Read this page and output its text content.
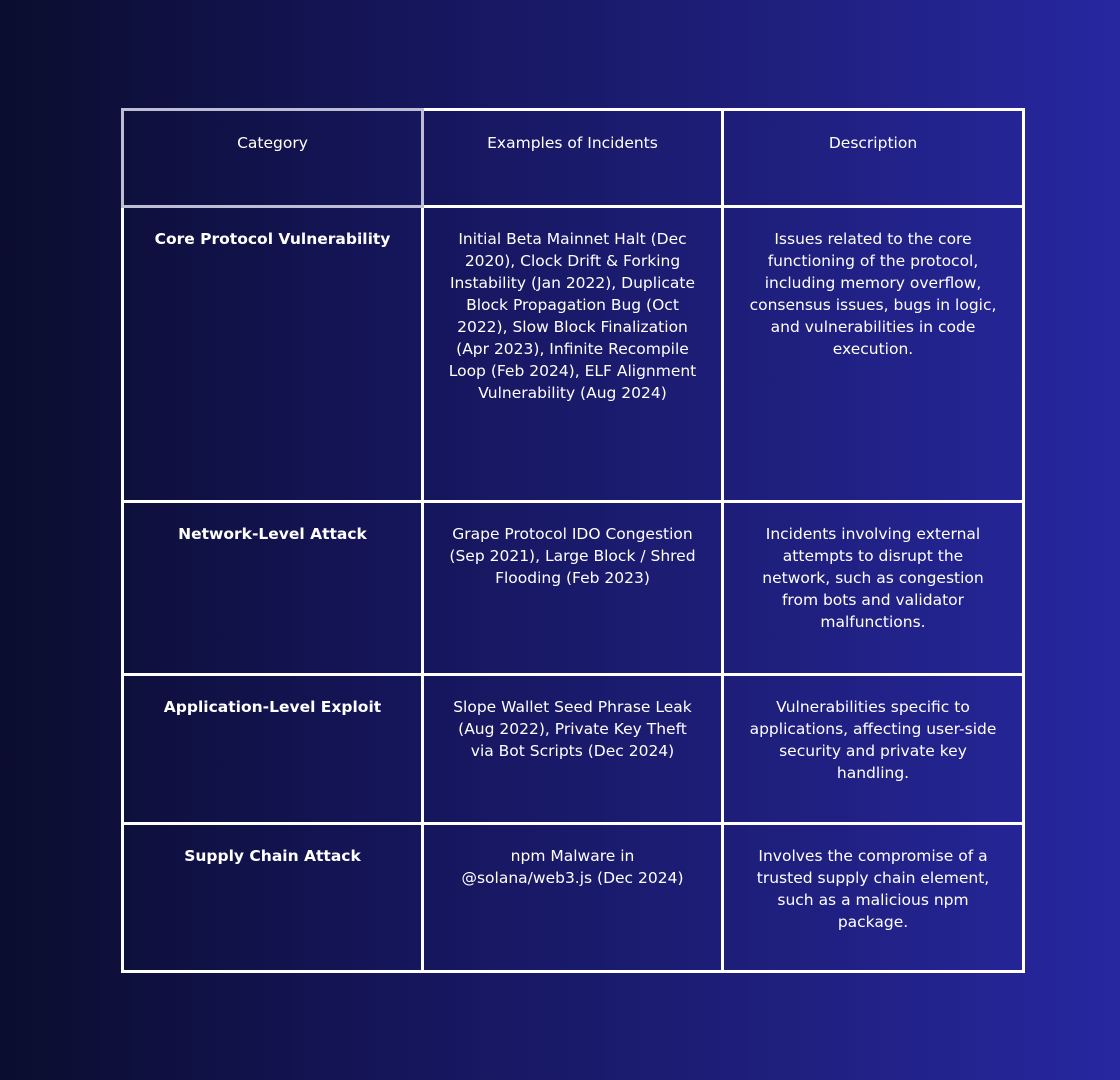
Category	Examples of Incidents	Description
Core Protocol Vulnerability	Initial Beta Mainnet Halt (Dec 2020), Clock Drift & Forking Instability (Jan 2022), Duplicate Block Propagation Bug (Oct 2022), Slow Block Finalization (Apr 2023), Infinite Recompile Loop (Feb 2024), ELF Alignment Vulnerability (Aug 2024)	Issues related to the core functioning of the protocol, including memory overflow, consensus issues, bugs in logic, and vulnerabilities in code execution.
Network-Level Attack	Grape Protocol IDO Congestion (Sep 2021), Large Block / Shred Flooding (Feb 2023)	Incidents involving external attempts to disrupt the network, such as congestion from bots and validator malfunctions.
Application-Level Exploit	Slope Wallet Seed Phrase Leak (Aug 2022), Private Key Theft via Bot Scripts (Dec 2024)	Vulnerabilities specific to applications, affecting user-side security and private key handling.
Supply Chain Attack	npm Malware in @solana/web3.js (Dec 2024)	Involves the compromise of a trusted supply chain element, such as a malicious npm package.
